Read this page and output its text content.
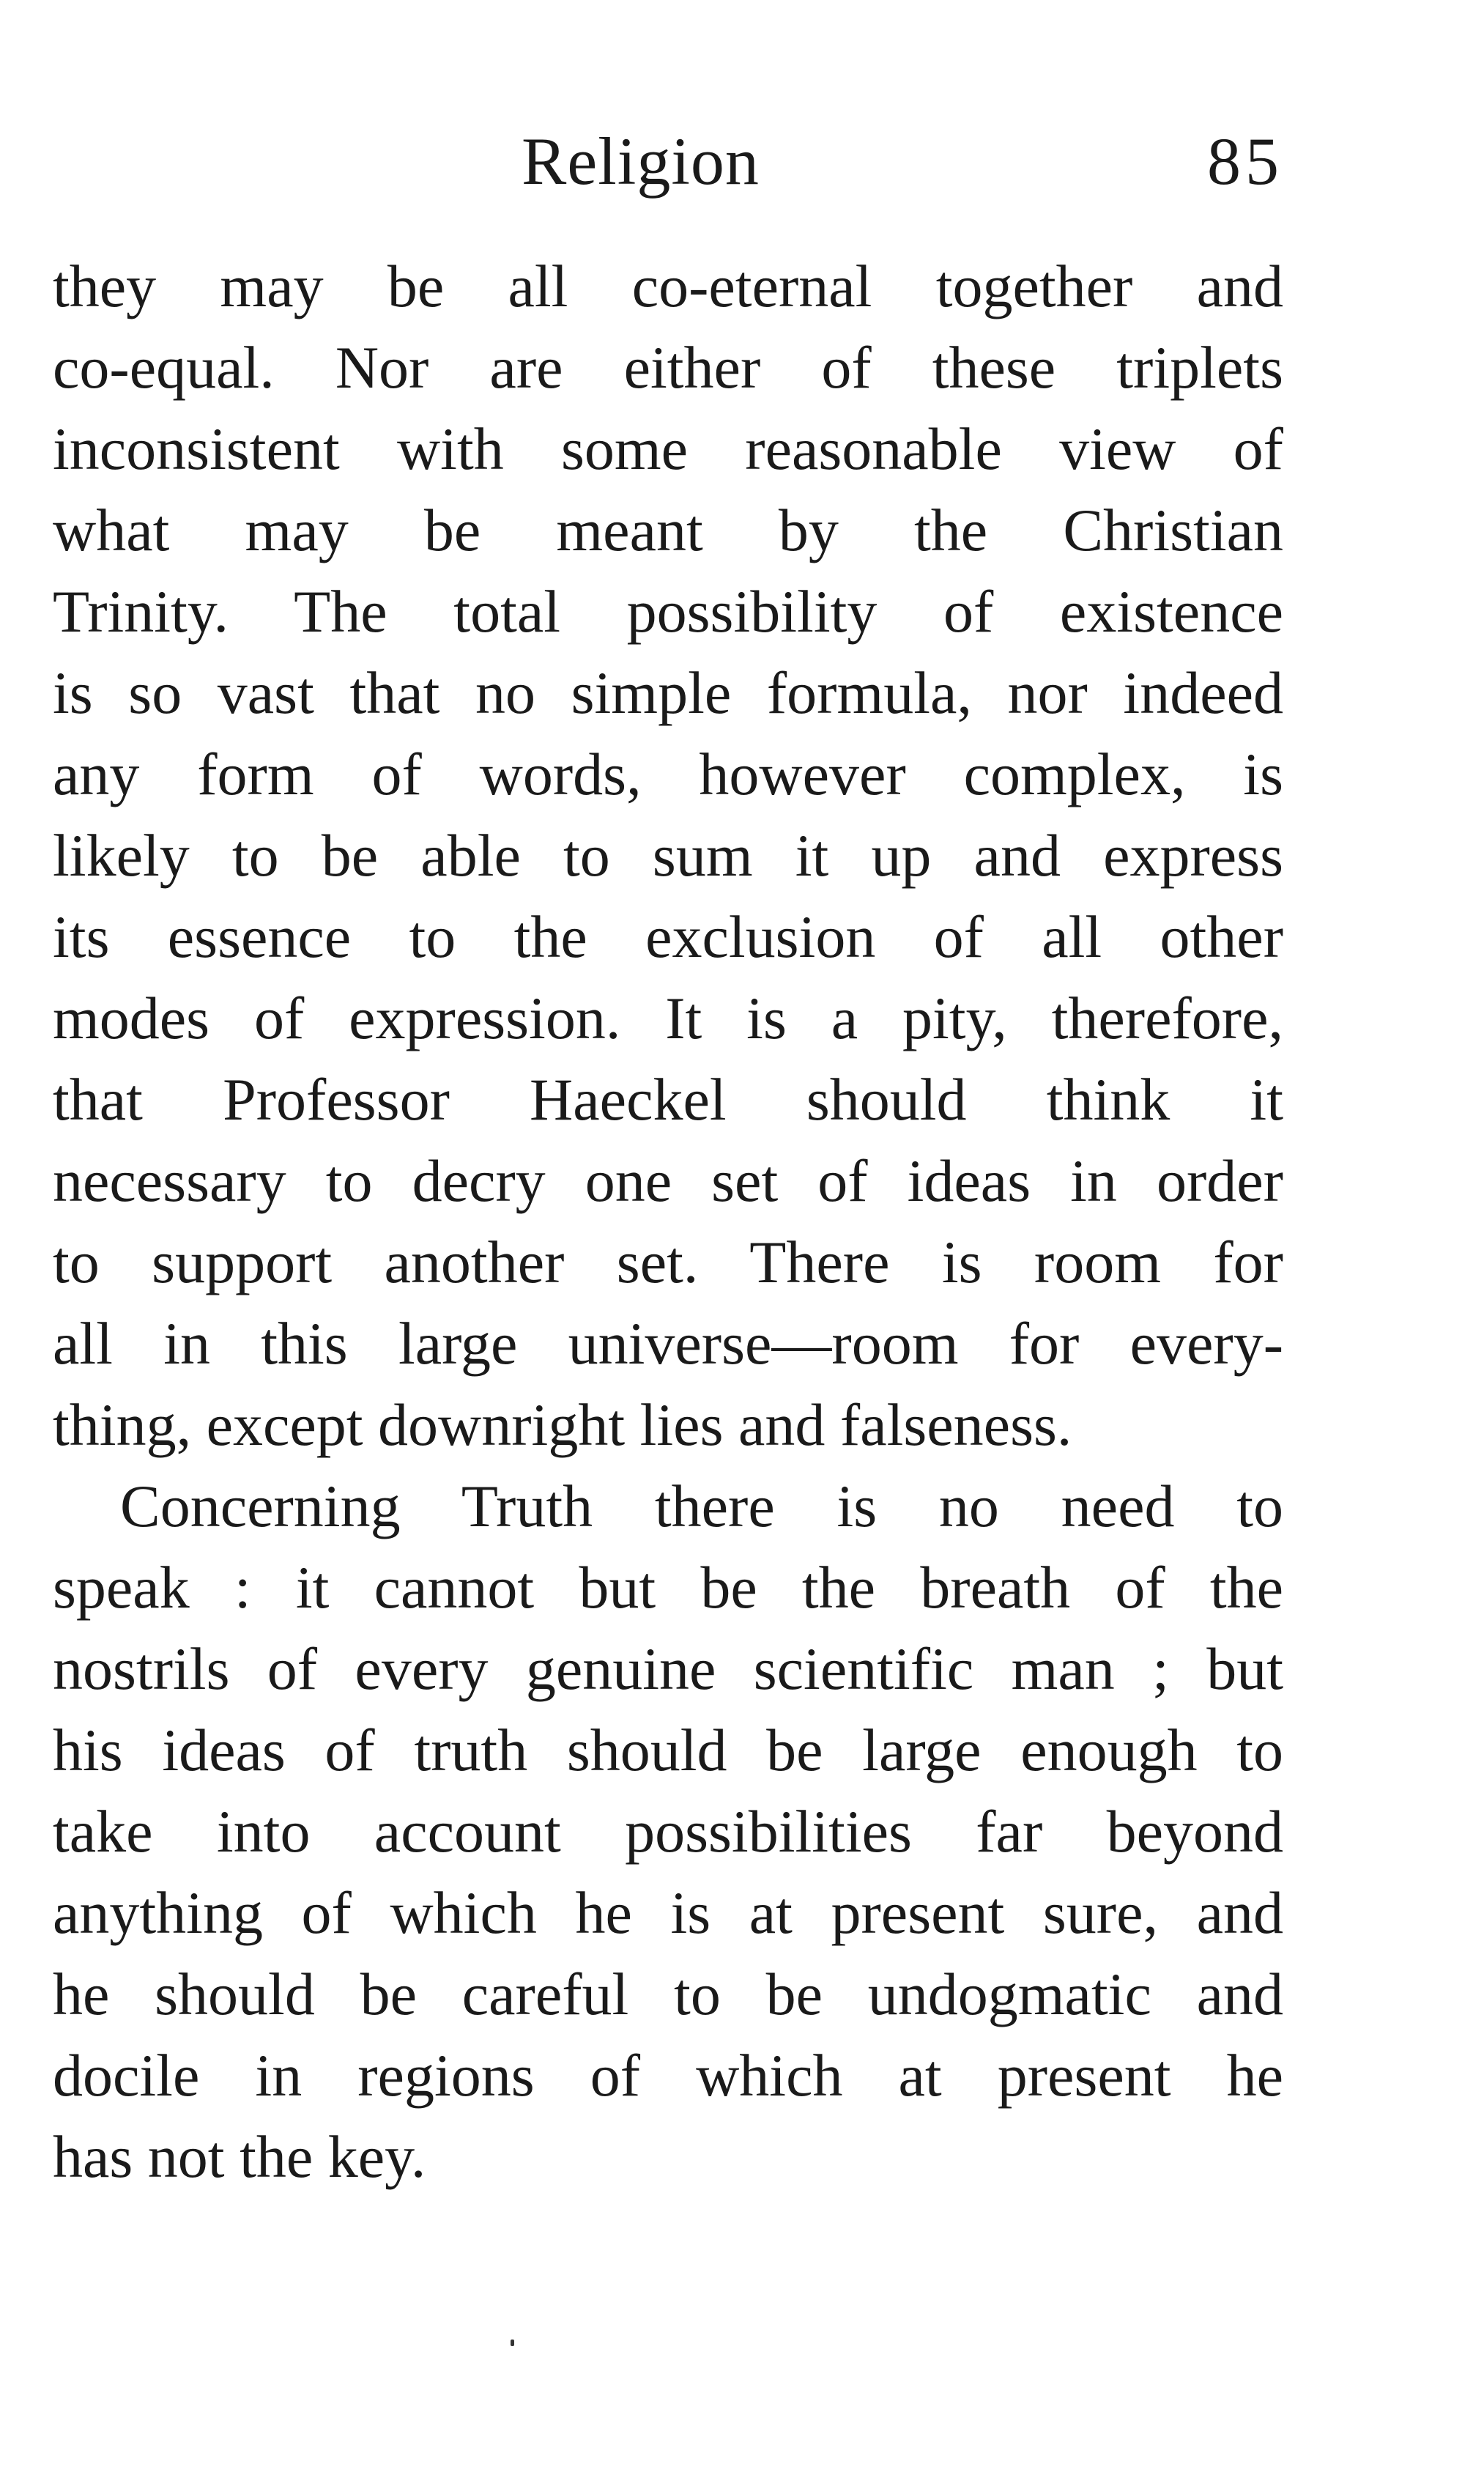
Religion	85
they may be all co-eternal together and
co-equal. Nor are either of these triplets
inconsistent with some reasonable view of
what may be meant by the Christian
Trinity. The total possibility of existence
is so vast that no simple formula, nor indeed
any form of words, however complex, is
likely to be able to sum it up and express
its essence to the exclusion of all other
modes of expression. It is a pity, therefore,
that Professor Haeckel should think it
necessary to decry one set of ideas in order
to support another set. There is room for
all in this large universe—room for every-
thing, except downright lies and falseness.
Concerning Truth there is no need to
speak : it cannot but be the breath of the
nostrils of every genuine scientific man ; but
his ideas of truth should be large enough to
take into account possibilities far beyond
anything of which he is at present sure, and
he should be careful to be undogmatic and
docile in regions of which at present he
has not the key.
